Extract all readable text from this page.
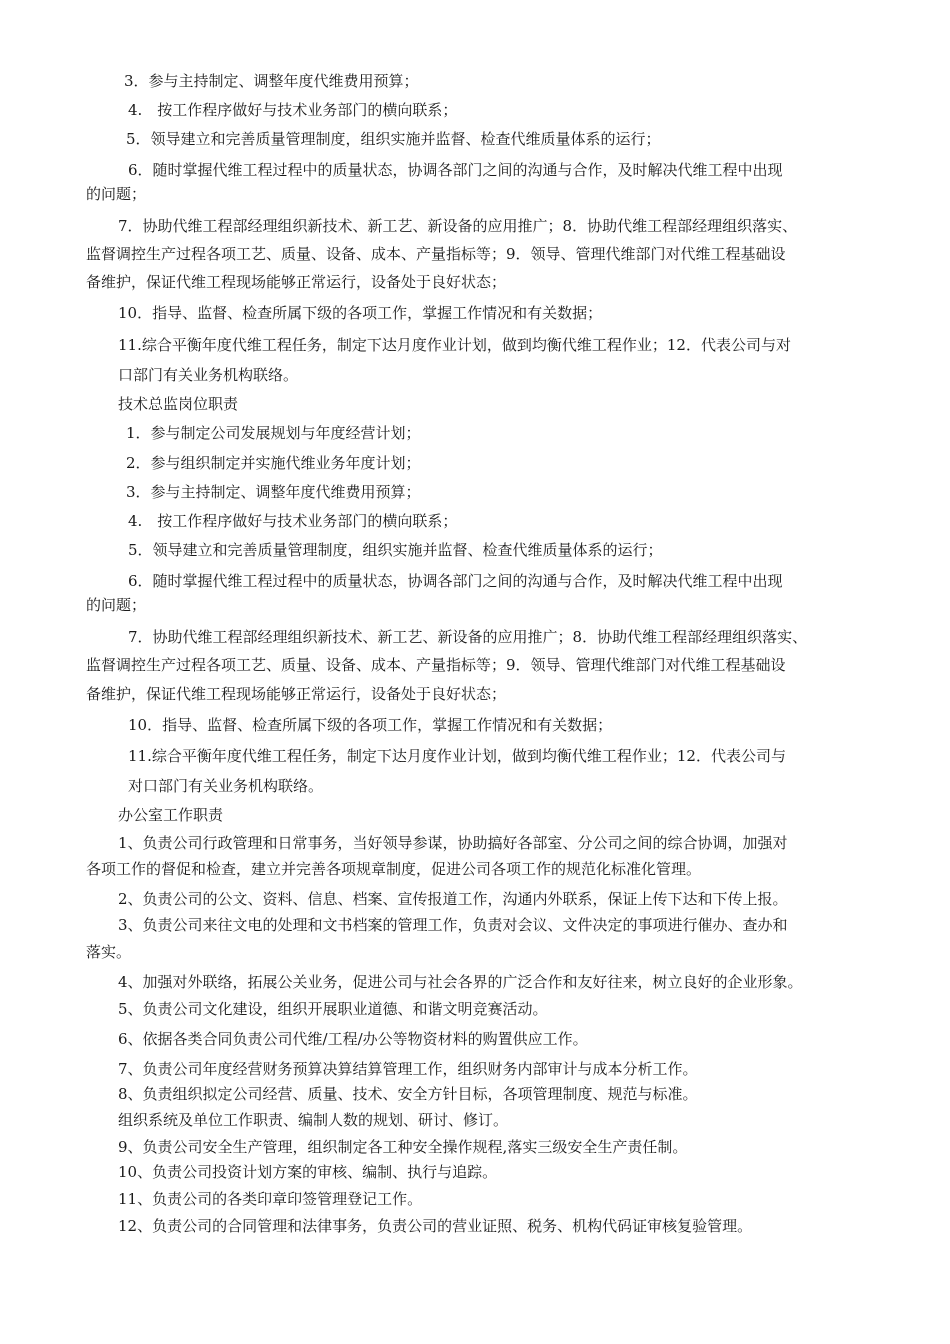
3．参与主持制定、调整年度代维费用预算；
4.　按工作程序做好与技术业务部门的横向联系；
5．领导建立和完善质量管理制度，组织实施并监督、检查代维质量体系的运行；
6．随时掌握代维工程过程中的质量状态，协调各部门之间的沟通与合作，及时解决代维工程中出现
的问题；
7．协助代维工程部经理组织新技术、新工艺、新设备的应用推广；8．协助代维工程部经理组织落实、
监督调控生产过程各项工艺、质量、设备、成本、产量指标等；9．领导、管理代维部门对代维工程基础设
备维护，保证代维工程现场能够正常运行，设备处于良好状态；
10．指导、监督、检查所属下级的各项工作，掌握工作情况和有关数据；
11.综合平衡年度代维工程任务，制定下达月度作业计划，做到均衡代维工程作业；12．代表公司与对
口部门有关业务机构联络。
技术总监岗位职责
1．参与制定公司发展规划与年度经营计划；
2．参与组织制定并实施代维业务年度计划；
3．参与主持制定、调整年度代维费用预算；
4.　按工作程序做好与技术业务部门的横向联系；
5．领导建立和完善质量管理制度，组织实施并监督、检查代维质量体系的运行；
6．随时掌握代维工程过程中的质量状态，协调各部门之间的沟通与合作，及时解决代维工程中出现
的问题；
7．协助代维工程部经理组织新技术、新工艺、新设备的应用推广；8．协助代维工程部经理组织落实、
监督调控生产过程各项工艺、质量、设备、成本、产量指标等；9．领导、管理代维部门对代维工程基础设
备维护，保证代维工程现场能够正常运行，设备处于良好状态；
10．指导、监督、检查所属下级的各项工作，掌握工作情况和有关数据；
11.综合平衡年度代维工程任务，制定下达月度作业计划，做到均衡代维工程作业；12．代表公司与
对口部门有关业务机构联络。
办公室工作职责
1、负责公司行政管理和日常事务，当好领导参谋，协助搞好各部室、分公司之间的综合协调，加强对
各项工作的督促和检查，建立并完善各项规章制度，促进公司各项工作的规范化标准化管理。
2、负责公司的公文、资料、信息、档案、宣传报道工作，沟通内外联系，保证上传下达和下传上报。
3、负责公司来往文电的处理和文书档案的管理工作，负责对会议、文件决定的事项进行催办、查办和
落实。
4、加强对外联络，拓展公关业务，促进公司与社会各界的广泛合作和友好往来，树立良好的企业形象。
5、负责公司文化建设，组织开展职业道德、和谐文明竞赛活动。
6、依据各类合同负责公司代维/工程/办公等物资材料的购置供应工作。
7、负责公司年度经营财务预算决算结算管理工作，组织财务内部审计与成本分析工作。
8、负责组织拟定公司经营、质量、技术、安全方针目标，各项管理制度、规范与标准。
组织系统及单位工作职责、编制人数的规划、研讨、修订。
9、负责公司安全生产管理，组织制定各工种安全操作规程,落实三级安全生产责任制。
10、负责公司投资计划方案的审核、编制、执行与追踪。
11、负责公司的各类印章印签管理登记工作。
12、负责公司的合同管理和法律事务，负责公司的营业证照、税务、机构代码证审核复验管理。
